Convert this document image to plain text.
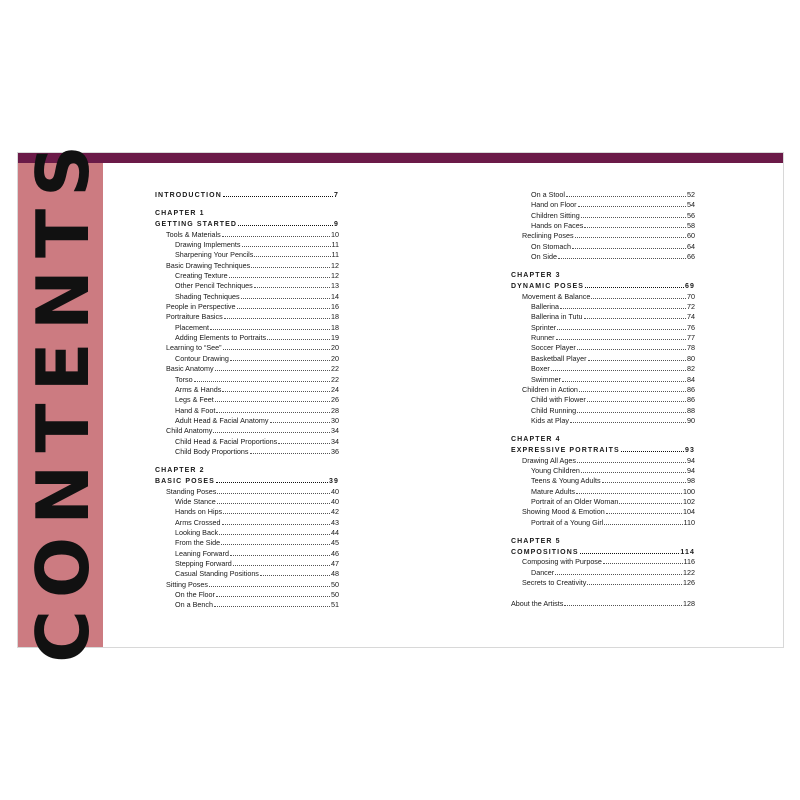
CONTENTS	INTRODUCTION	7
CHAPTER 1
GETTING STARTED	9
Tools & Materials	10
Drawing Implements	11
Sharpening Your Pencils	11
Basic Drawing Techniques	12
Creating Texture	12
Other Pencil Techniques	13
Shading Techniques	14
People in Perspective	16
Portraiture Basics	18
Placement	18
Adding Elements to Portraits	19
Learning to “See”	20
Contour Drawing	20
Basic Anatomy	22
Torso	22
Arms & Hands	24
Legs & Feet	26
Hand & Foot	28
Adult Head & Facial Anatomy	30
Child Anatomy	34
Child Head & Facial Proportions	34
Child Body Proportions	36
CHAPTER 2
BASIC POSES	39
Standing Poses	40
Wide Stance	40
Hands on Hips	42
Arms Crossed	43
Looking Back	44
From the Side	45
Leaning Forward	46
Stepping Forward	47
Casual Standing Positions	48
Sitting Poses	50
On the Floor	50
On a Bench	51
On a Stool	52
Hand on Floor	54
Children Sitting	56
Hands on Faces	58
Reclining Poses	60
On Stomach	64
On Side	66
CHAPTER 3
DYNAMIC POSES	69
Movement & Balance	70
Ballerina	72
Ballerina in Tutu	74
Sprinter	76
Runner	77
Soccer Player	78
Basketball Player	80
Boxer	82
Swimmer	84
Children in Action	86
Child with Flower	86
Child Running	88
Kids at Play	90
CHAPTER 4
EXPRESSIVE PORTRAITS	93
Drawing All Ages	94
Young Children	94
Teens & Young Adults	98
Mature Adults	100
Portrait of an Older Woman	102
Showing Mood & Emotion	104
Portrait of a Young Girl	110
CHAPTER 5
COMPOSITIONS	114
Composing with Purpose	116
Dancer	122
Secrets to Creativity	126
About the Artists	128
